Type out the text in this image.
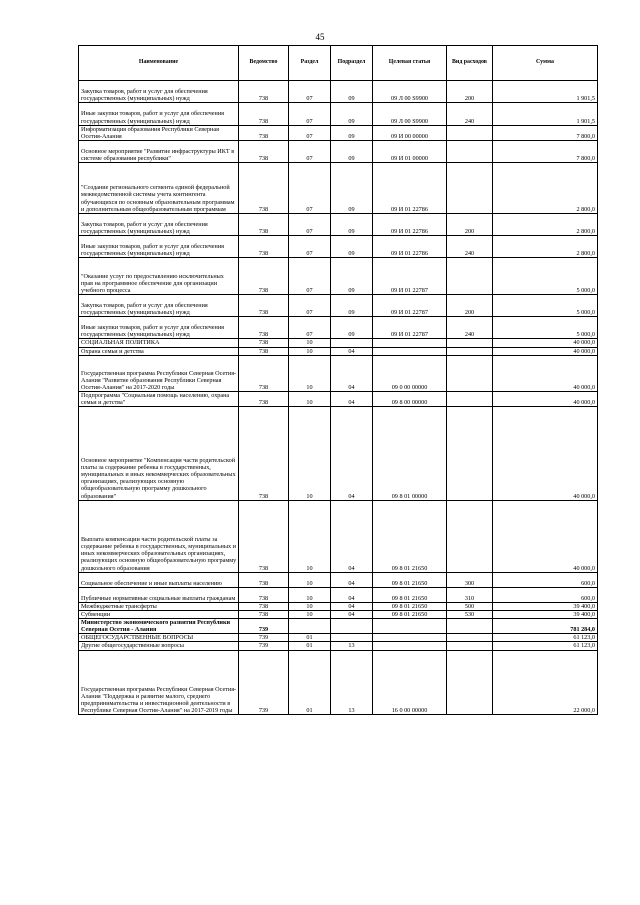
45
Наименование	Ведомство	Раздел	Подраздел	Целевая статья	Вид расходов	Сумма
Закупка товаров, работ и услуг для обеспечения государственных (муниципальных) нужд	738	07	09	09 Л 00 S9900	200	1 901,5
Иные закупки товаров, работ и услуг для обеспечения государственных (муниципальных) нужд	738	07	09	09 Л 00 S9900	240	1 901,5
Информатизация образования Республики Северная Осетия-Алания	738	07	09	09 И 00 00000		7 800,0
Основное мероприятие "Развитие инфраструктуры ИКТ в системе образования республики"	738	07	09	09 И 01 00000		7 800,0
"Создание регионального сегмента единой федеральной межведомственной системы учета контингента обучающихся по основным образовательным программам и дополнительным общеобразовательным программам	738	07	09	09 И 01 22786		2 800,0
Закупка товаров, работ и услуг для обеспечения государственных (муниципальных) нужд	738	07	09	09 И 01 22786	200	2 800,0
Иные закупки товаров, работ и услуг для обеспечения государственных (муниципальных) нужд	738	07	09	09 И 01 22786	240	2 800,0
"Оказание услуг по предоставлению исключительных прав на программное обеспечение для организации учебного процесса	738	07	09	09 И 01 22787		5 000,0
Закупка товаров, работ и услуг для обеспечения государственных (муниципальных) нужд	738	07	09	09 И 01 22787	200	5 000,0
Иные закупки товаров, работ и услуг для обеспечения государственных (муниципальных) нужд	738	07	09	09 И 01 22787	240	5 000,0
СОЦИАЛЬНАЯ ПОЛИТИКА	738	10				40 000,0
Охрана семьи и детства	738	10	04			40 000,0
Государственная программа Республики Северная Осетия-Алания "Развитие образования Республики Северная Осетия-Алания" на 2017-2020 годы	738	10	04	09 0 00 00000		40 000,0
Подпрограмма "Социальная помощь населению, охрана семьи и детства"	738	10	04	09 8 00 00000		40 000,0
Основное мероприятие "Компенсация части родительской платы за содержание ребенка в государственных, муниципальных и иных некоммерческих образовательных организациях, реализующих основную общеобразовательную программу дошкольного образования"	738	10	04	09 8 01 00000		40 000,0
Выплата компенсации части родительской платы за содержание ребенка в государственных, муниципальных и иных некоммерческих образовательных организациях, реализующих основную общеобразовательную программу дошкольного образования	738	10	04	09 8 01 21650		40 000,0
Социальное обеспечение и иные выплаты населению	738	10	04	09 8 01 21650	300	600,0
Публичные нормативные социальные выплаты гражданам	738	10	04	09 8 01 21650	310	600,0
Межбюджетные трансферты	738	10	04	09 8 01 21650	500	39 400,0
Субвенции	738	10	04	09 8 01 21650	530	39 400,0
Министерство экономического развития Республики Северная Осетия - Алания	739					781 284,0
ОБЩЕГОСУДАРСТВЕННЫЕ ВОПРОСЫ	739	01				61 123,0
Другие общегосударственные вопросы	739	01	13			61 123,0
Государственная программа Республики Северная Осетия-Алания "Поддержка и развитие малого, среднего предпринимательства и инвестиционной деятельности в Республике Северная Осетия-Алания" на 2017-2019 годы	739	01	13	16 0 00 00000		22 000,0
